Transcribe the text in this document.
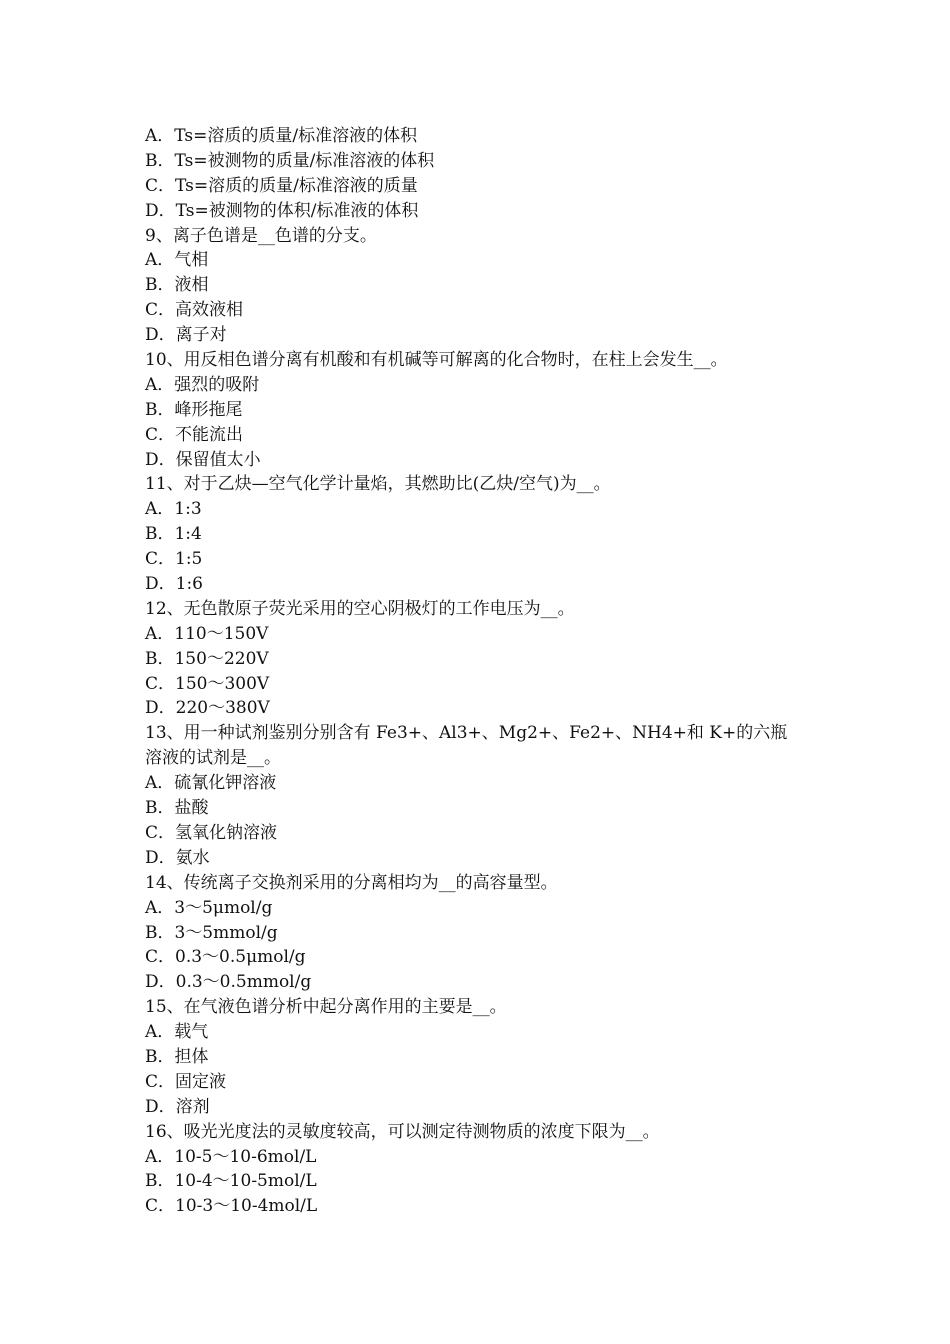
A．Ts=溶质的质量/标准溶液的体积
B．Ts=被测物的质量/标准溶液的体积
C．Ts=溶质的质量/标准溶液的质量
D．Ts=被测物的体积/标准液的体积
9、离子色谱是__色谱的分支。
A．气相
B．液相
C．高效液相
D．离子对
10、用反相色谱分离有机酸和有机碱等可解离的化合物时，在柱上会发生__。
A．强烈的吸附
B．峰形拖尾
C．不能流出
D．保留值太小
11、对于乙炔—空气化学计量焰，其燃助比(乙炔/空气)为__。
A．1:3
B．1:4
C．1:5
D．1:6
12、无色散原子荧光采用的空心阴极灯的工作电压为__。
A．110～150V
B．150～220V
C．150～300V
D．220～380V
13、用一种试剂鉴别分别含有 Fe3+、Al3+、Mg2+、Fe2+、NH4+和 K+的六瓶
溶液的试剂是__。
A．硫氰化钾溶液
B．盐酸
C．氢氧化钠溶液
D．氨水
14、传统离子交换剂采用的分离相均为__的高容量型。
A．3～5μmol/g
B．3～5mmol/g
C．0.3～0.5μmol/g
D．0.3～0.5mmol/g
15、在气液色谱分析中起分离作用的主要是__。
A．载气
B．担体
C．固定液
D．溶剂
16、吸光光度法的灵敏度较高，可以测定待测物质的浓度下限为__。
A．10-5～10-6mol/L
B．10-4～10-5mol/L
C．10-3～10-4mol/L
